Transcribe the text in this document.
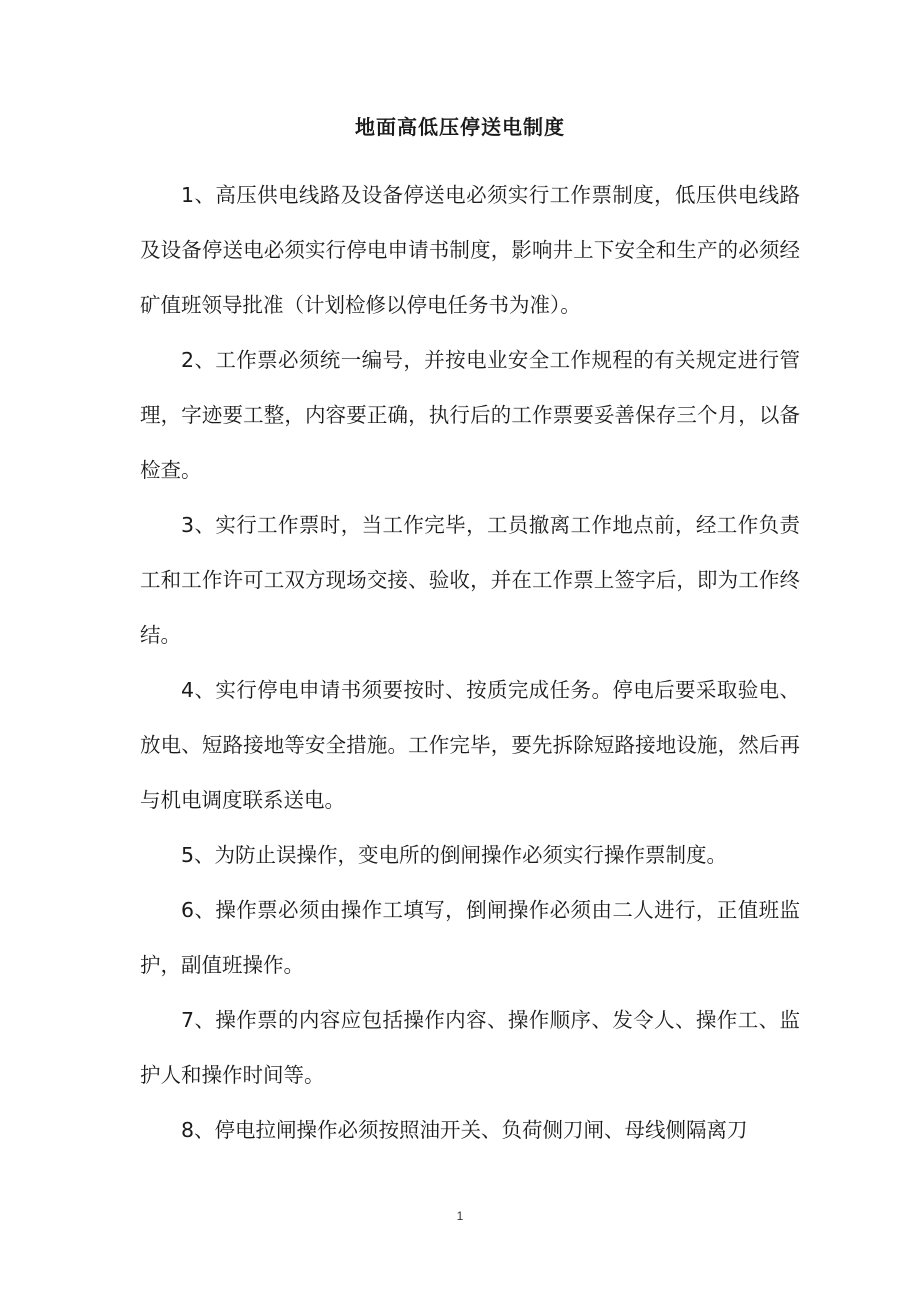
地面高低压停送电制度

1、高压供电线路及设备停送电必须实行工作票制度，低压供电线路及设备停送电必须实行停电申请书制度，影响井上下安全和生产的必须经矿值班领导批准（计划检修以停电任务书为准）。

2、工作票必须统一编号，并按电业安全工作规程的有关规定进行管理，字迹要工整，内容要正确，执行后的工作票要妥善保存三个月，以备检查。

3、实行工作票时，当工作完毕，工员撤离工作地点前，经工作负责工和工作许可工双方现场交接、验收，并在工作票上签字后，即为工作终结。

4、实行停电申请书须要按时、按质完成任务。停电后要采取验电、放电、短路接地等安全措施。工作完毕，要先拆除短路接地设施，然后再与机电调度联系送电。

5、为防止误操作，变电所的倒闸操作必须实行操作票制度。

6、操作票必须由操作工填写，倒闸操作必须由二人进行，正值班监护，副值班操作。

7、操作票的内容应包括操作内容、操作顺序、发令人、操作工、监护人和操作时间等。

8、停电拉闸操作必须按照油开关、负荷侧刀闸、母线侧隔离刀

1
